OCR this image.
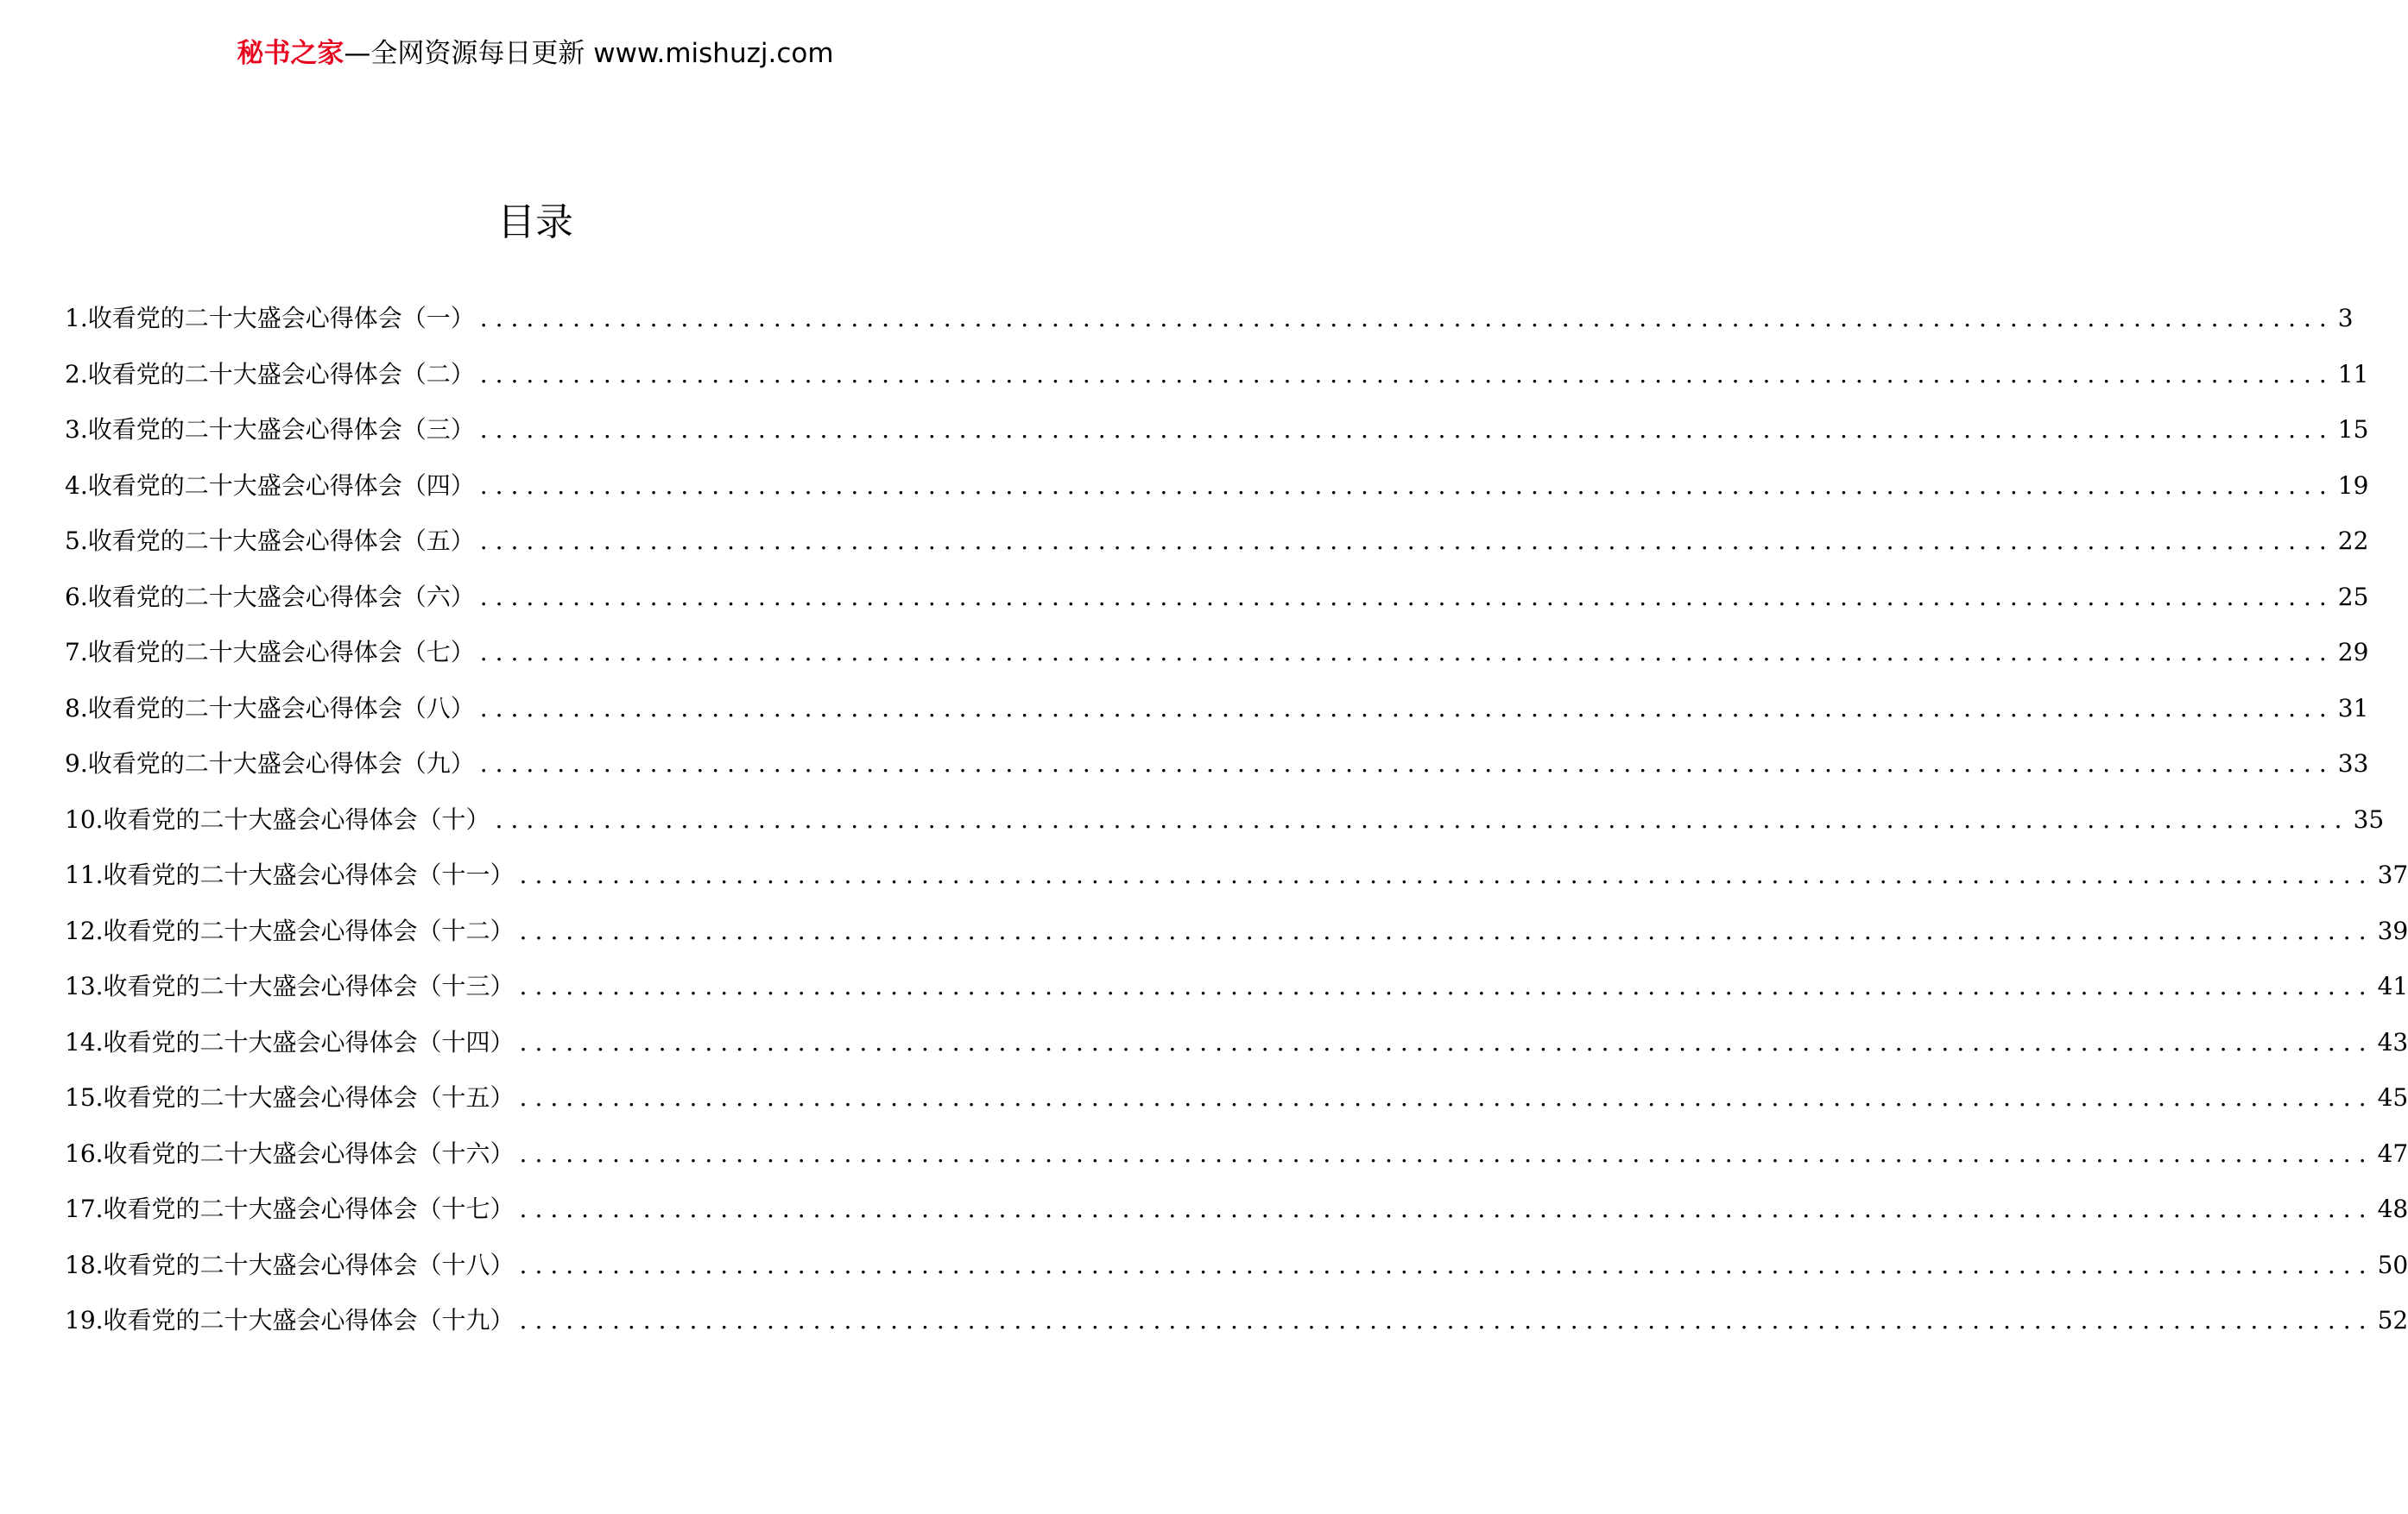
秘书之家—全网资源每日更新 www.mishuzj.com
目录
1.收看党的二十大盛会心得体会（一） ........................................................................................................................ 3
2.收看党的二十大盛会心得体会（二） ........................................................................................................................ 11
3.收看党的二十大盛会心得体会（三） ........................................................................................................................ 15
4.收看党的二十大盛会心得体会（四） ........................................................................................................................ 19
5.收看党的二十大盛会心得体会（五） ........................................................................................................................ 22
6.收看党的二十大盛会心得体会（六） ........................................................................................................................ 25
7.收看党的二十大盛会心得体会（七） ........................................................................................................................ 29
8.收看党的二十大盛会心得体会（八） ........................................................................................................................ 31
9.收看党的二十大盛会心得体会（九） ........................................................................................................................ 33
10.收看党的二十大盛会心得体会（十） ........................................................................................................................ 35
11.收看党的二十大盛会心得体会（十一） ........................................................................................................................ 37
12.收看党的二十大盛会心得体会（十二） ........................................................................................................................ 39
13.收看党的二十大盛会心得体会（十三） ........................................................................................................................ 41
14.收看党的二十大盛会心得体会（十四） ........................................................................................................................ 43
15.收看党的二十大盛会心得体会（十五） ........................................................................................................................ 45
16.收看党的二十大盛会心得体会（十六） ........................................................................................................................ 47
17.收看党的二十大盛会心得体会（十七） ........................................................................................................................ 48
18.收看党的二十大盛会心得体会（十八） ........................................................................................................................ 50
19.收看党的二十大盛会心得体会（十九） ........................................................................................................................ 52
